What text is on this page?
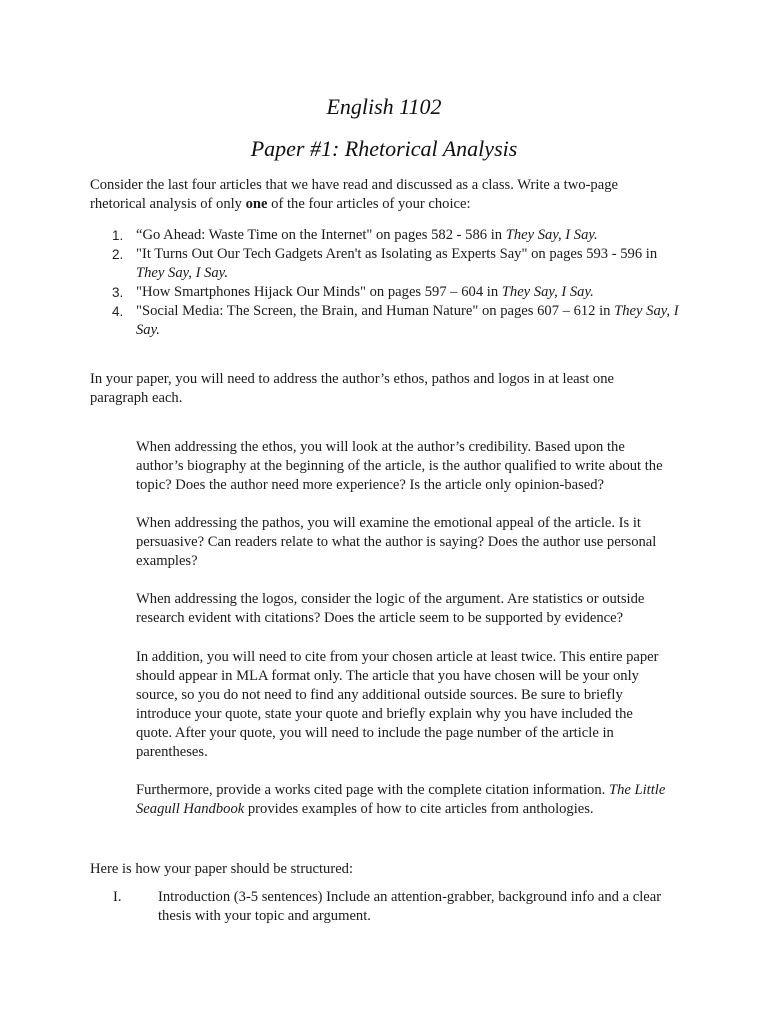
English 1102
Paper #1: Rhetorical Analysis

Consider the last four articles that we have read and discussed as a class. Write a two-page rhetorical analysis of only one of the four articles of your choice:

1. “Go Ahead: Waste Time on the Internet" on pages 582 - 586 in They Say, I Say.
2. "It Turns Out Our Tech Gadgets Aren't as Isolating as Experts Say" on pages 593 - 596 in They Say, I Say.
3. "How Smartphones Hijack Our Minds" on pages 597 – 604 in They Say, I Say.
4. "Social Media: The Screen, the Brain, and Human Nature" on pages 607 – 612 in They Say, I Say.

In your paper, you will need to address the author’s ethos, pathos and logos in at least one paragraph each.

When addressing the ethos, you will look at the author’s credibility. Based upon the author’s biography at the beginning of the article, is the author qualified to write about the topic? Does the author need more experience? Is the article only opinion-based?

When addressing the pathos, you will examine the emotional appeal of the article. Is it persuasive? Can readers relate to what the author is saying? Does the author use personal examples?

When addressing the logos, consider the logic of the argument. Are statistics or outside research evident with citations? Does the article seem to be supported by evidence?

In addition, you will need to cite from your chosen article at least twice. This entire paper should appear in MLA format only. The article that you have chosen will be your only source, so you do not need to find any additional outside sources. Be sure to briefly introduce your quote, state your quote and briefly explain why you have included the quote. After your quote, you will need to include the page number of the article in parentheses.

Furthermore, provide a works cited page with the complete citation information. The Little Seagull Handbook provides examples of how to cite articles from anthologies.

Here is how your paper should be structured:

I.	Introduction (3-5 sentences) Include an attention-grabber, background info and a clear thesis with your topic and argument.
